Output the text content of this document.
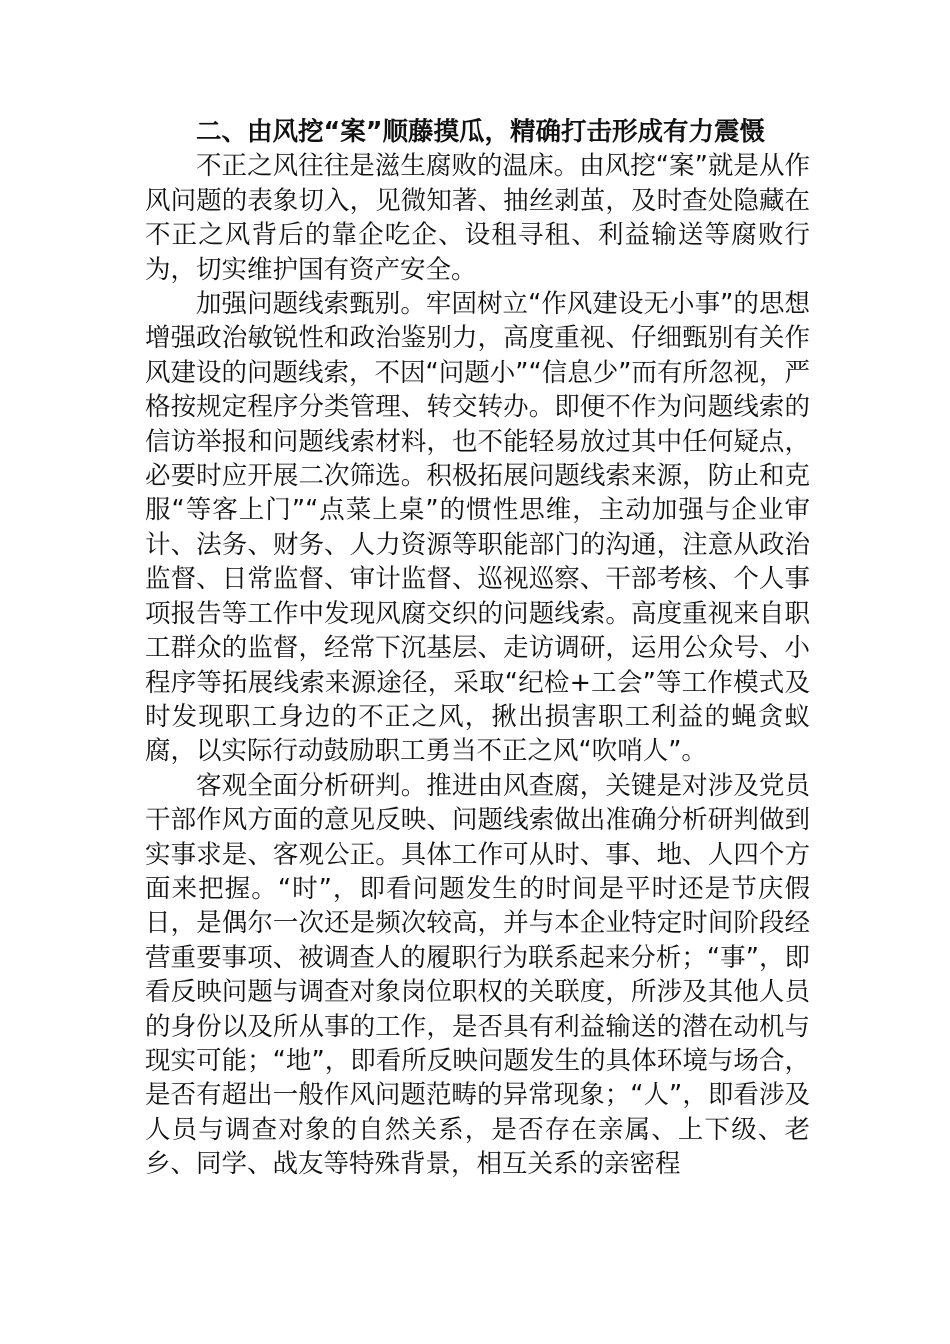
二、由风挖“案”顺藤摸瓜，精确打击形成有力震慑

不正之风往往是滋生腐败的温床。由风挖“案”就是从作风问题的表象切入，见微知著、抽丝剥茧，及时查处隐藏在不正之风背后的靠企吃企、设租寻租、利益输送等腐败行为，切实维护国有资产安全。

加强问题线索甄别。牢固树立“作风建设无小事”的思想增强政治敏锐性和政治鉴别力，高度重视、仔细甄别有关作风建设的问题线索，不因“问题小”“信息少”而有所忽视，严格按规定程序分类管理、转交转办。即便不作为问题线索的信访举报和问题线索材料，也不能轻易放过其中任何疑点，必要时应开展二次筛选。积极拓展问题线索来源，防止和克服“等客上门”“点菜上桌”的惯性思维，主动加强与企业审计、法务、财务、人力资源等职能部门的沟通，注意从政治监督、日常监督、审计监督、巡视巡察、干部考核、个人事项报告等工作中发现风腐交织的问题线索。高度重视来自职工群众的监督，经常下沉基层、走访调研，运用公众号、小程序等拓展线索来源途径，采取“纪检+工会”等工作模式及时发现职工身边的不正之风，揪出损害职工利益的蝇贪蚁腐，以实际行动鼓励职工勇当不正之风“吹哨人”。

客观全面分析研判。推进由风查腐，关键是对涉及党员干部作风方面的意见反映、问题线索做出准确分析研判做到实事求是、客观公正。具体工作可从时、事、地、人四个方面来把握。“时”，即看问题发生的时间是平时还是节庆假日，是偶尔一次还是频次较高，并与本企业特定时间阶段经营重要事项、被调查人的履职行为联系起来分析；“事”，即看反映问题与调查对象岗位职权的关联度，所涉及其他人员的身份以及所从事的工作，是否具有利益输送的潜在动机与现实可能；“地”，即看所反映问题发生的具体环境与场合，是否有超出一般作风问题范畴的异常现象；“人”，即看涉及人员与调查对象的自然关系，是否存在亲属、上下级、老乡、同学、战友等特殊背景，相互关系的亲密程
